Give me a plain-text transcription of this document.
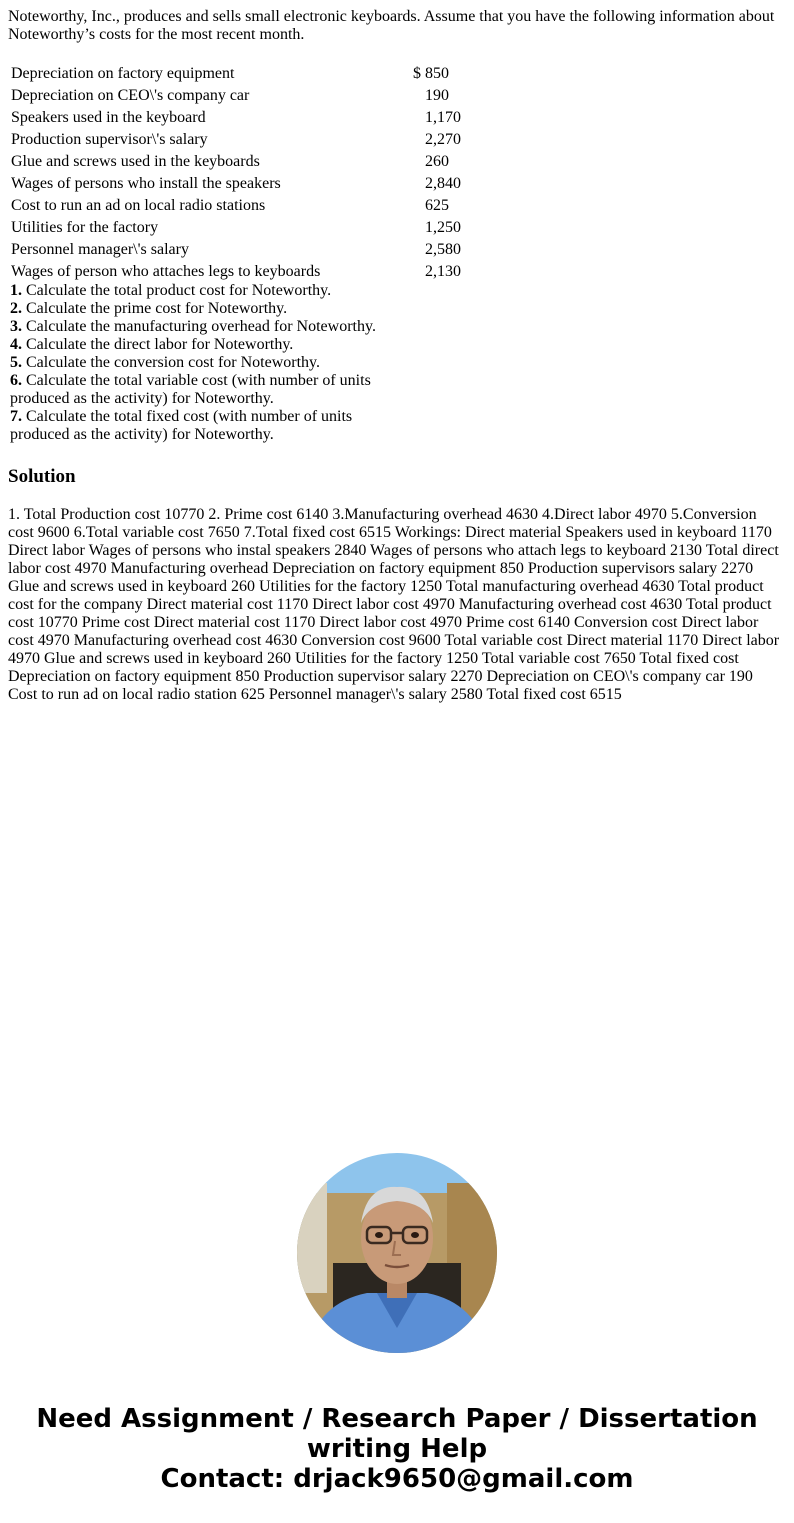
Noteworthy, Inc., produces and sells small electronic keyboards. Assume that you have the following information about Noteworthy’s costs for the most recent month.

Depreciation on factory equipment	$ 850
Depreciation on CEO\'s company car	190
Speakers used in the keyboard	1,170
Production supervisor\'s salary	2,270
Glue and screws used in the keyboards	260
Wages of persons who install the speakers	2,840
Cost to run an ad on local radio stations	625
Utilities for the factory	1,250
Personnel manager\'s salary	2,580
Wages of person who attaches legs to keyboards	2,130
1. Calculate the total product cost for Noteworthy.
2. Calculate the prime cost for Noteworthy.
3. Calculate the manufacturing overhead for Noteworthy.
4. Calculate the direct labor for Noteworthy.
5. Calculate the conversion cost for Noteworthy.
6. Calculate the total variable cost (with number of units produced as the activity) for Noteworthy.
7. Calculate the total fixed cost (with number of units produced as the activity) for Noteworthy.
Solution

1. Total Production cost 10770 2. Prime cost 6140 3.Manufacturing overhead 4630 4.Direct labor 4970 5.Conversion cost 9600 6.Total variable cost 7650 7.Total fixed cost 6515 Workings: Direct material Speakers used in keyboard 1170 Direct labor Wages of persons who instal speakers 2840 Wages of persons who attach legs to keyboard 2130 Total direct labor cost 4970 Manufacturing overhead Depreciation on factory equipment 850 Production supervisors salary 2270 Glue and screws used in keyboard 260 Utilities for the factory 1250 Total manufacturing overhead 4630 Total product cost for the company Direct material cost 1170 Direct labor cost 4970 Manufacturing overhead cost 4630 Total product cost 10770 Prime cost Direct material cost 1170 Direct labor cost 4970 Prime cost 6140 Conversion cost Direct labor cost 4970 Manufacturing overhead cost 4630 Conversion cost 9600 Total variable cost Direct material 1170 Direct labor 4970 Glue and screws used in keyboard 260 Utilities for the factory 1250 Total variable cost 7650 Total fixed cost Depreciation on factory equipment 850 Production supervisor salary 2270 Depreciation on CEO\'s company car 190 Cost to run ad on local radio station 625 Personnel manager\'s salary 2580 Total fixed cost 6515

Need Assignment / Research Paper / Dissertation
writing Help
Contact: drjack9650@gmail.com
